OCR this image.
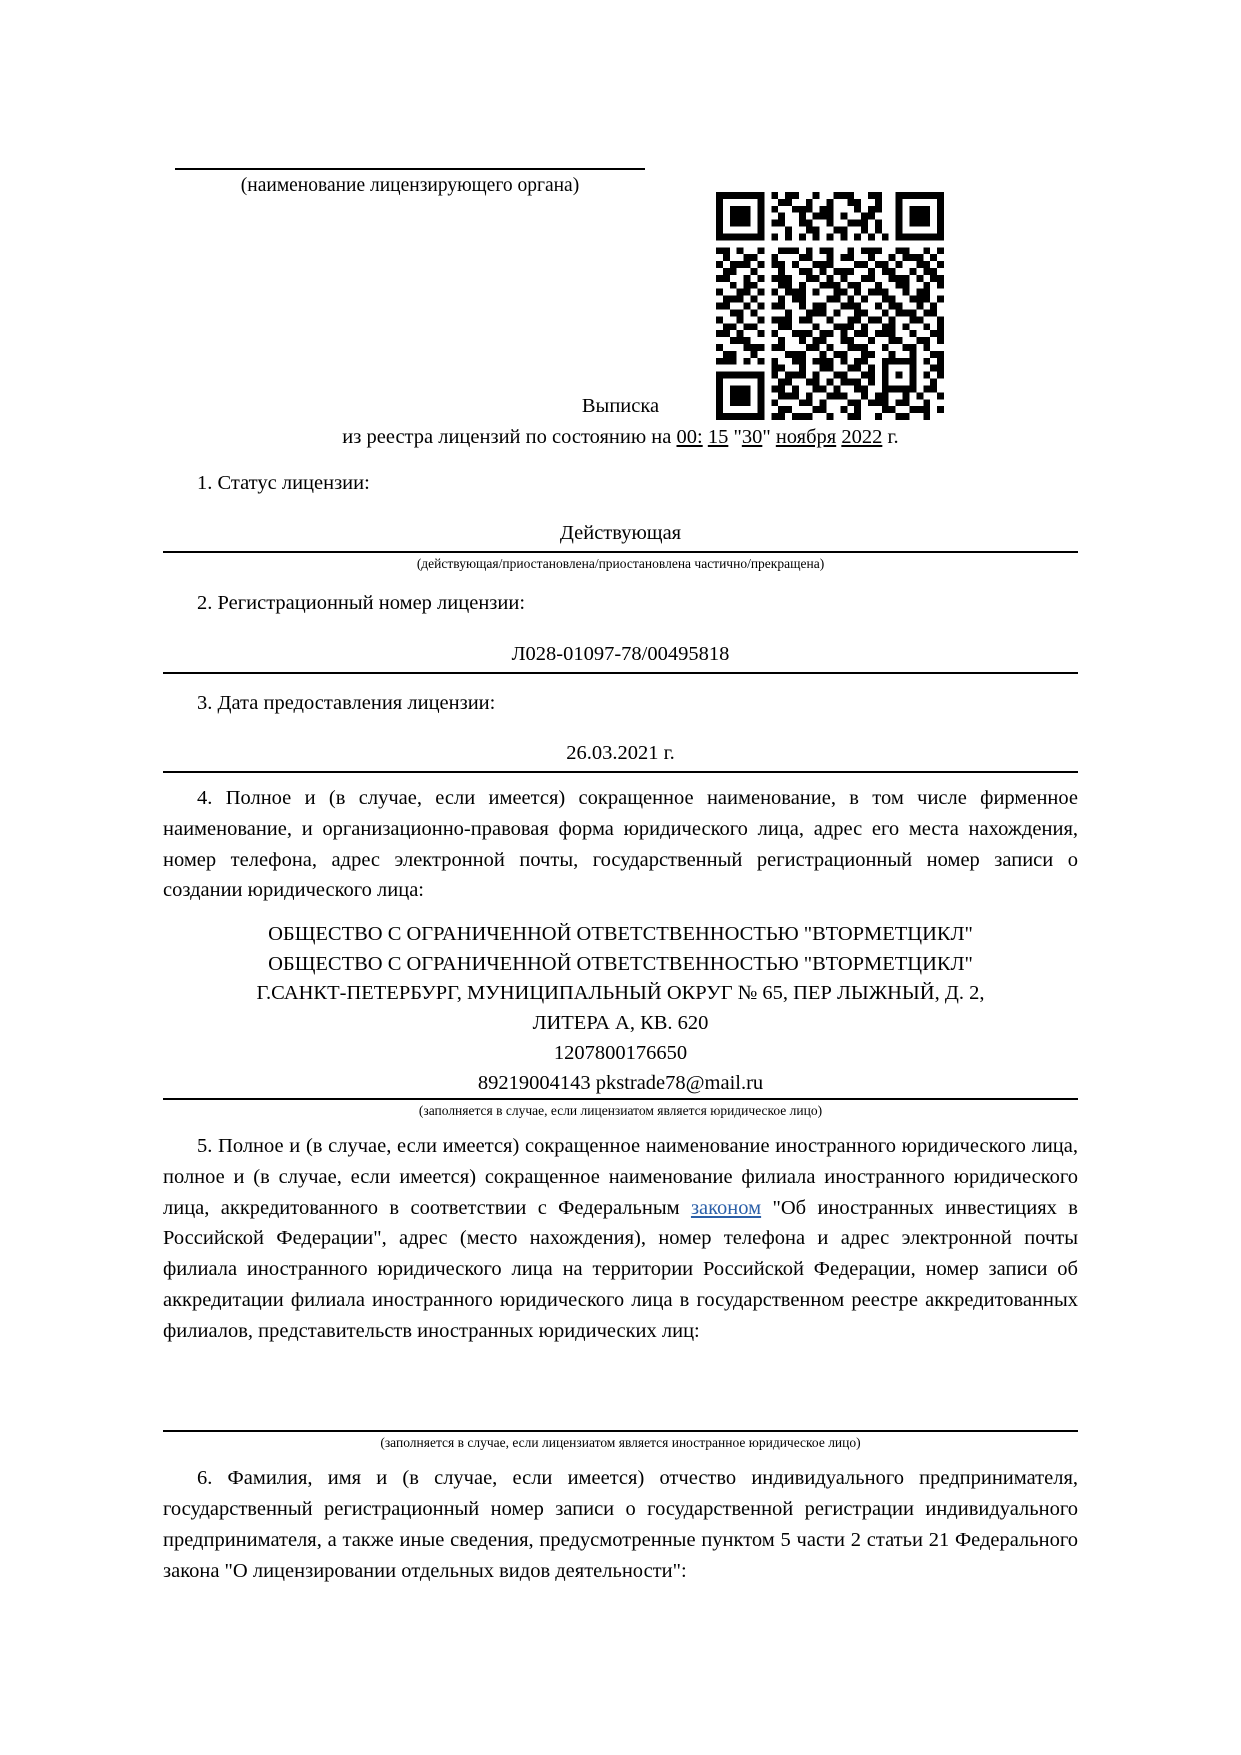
(наименование лицензирующего органа)
Выписка
из реестра лицензий по состоянию на 00: 15 "30" ноября 2022 г.
1. Статус лицензии:
Действующая
(действующая/приостановлена/приостановлена частично/прекращена)
2. Регистрационный номер лицензии:
Л028-01097-78/00495818
3. Дата предоставления лицензии:
26.03.2021 г.

4. Полное и (в случае, если имеется) сокращенное наименование, в том числе фирменное наименование, и организационно-правовая форма юридического лица, адрес его места нахождения, номер телефона, адрес электронной почты, государственный регистрационный номер записи о создании юридического лица:

ОБЩЕСТВО С ОГРАНИЧЕННОЙ ОТВЕТСТВЕННОСТЬЮ "ВТОРМЕТЦИКЛ"
ОБЩЕСТВО С ОГРАНИЧЕННОЙ ОТВЕТСТВЕННОСТЬЮ "ВТОРМЕТЦИКЛ"
Г.САНКТ-ПЕТЕРБУРГ, МУНИЦИПАЛЬНЫЙ ОКРУГ № 65, ПЕР ЛЫЖНЫЙ, Д. 2,
ЛИТЕРА А, КВ. 620
1207800176650
89219004143 pkstrade78@mail.ru
(заполняется в случае, если лицензиатом является юридическое лицо)

5. Полное и (в случае, если имеется) сокращенное наименование иностранного юридического лица, полное и (в случае, если имеется) сокращенное наименование филиала иностранного юридического лица, аккредитованного в соответствии с Федеральным законом "Об иностранных инвестициях в Российской Федерации", адрес (место нахождения), номер телефона и адрес электронной почты филиала иностранного юридического лица на территории Российской Федерации, номер записи об аккредитации филиала иностранного юридического лица в государственном реестре аккредитованных филиалов, представительств иностранных юридических лиц:

(заполняется в случае, если лицензиатом является иностранное юридическое лицо)

6. Фамилия, имя и (в случае, если имеется) отчество индивидуального предпринимателя, государственный регистрационный номер записи о государственной регистрации индивидуального предпринимателя, а также иные сведения, предусмотренные пунктом 5 части 2 статьи 21 Федерального закона "О лицензировании отдельных видов деятельности":
